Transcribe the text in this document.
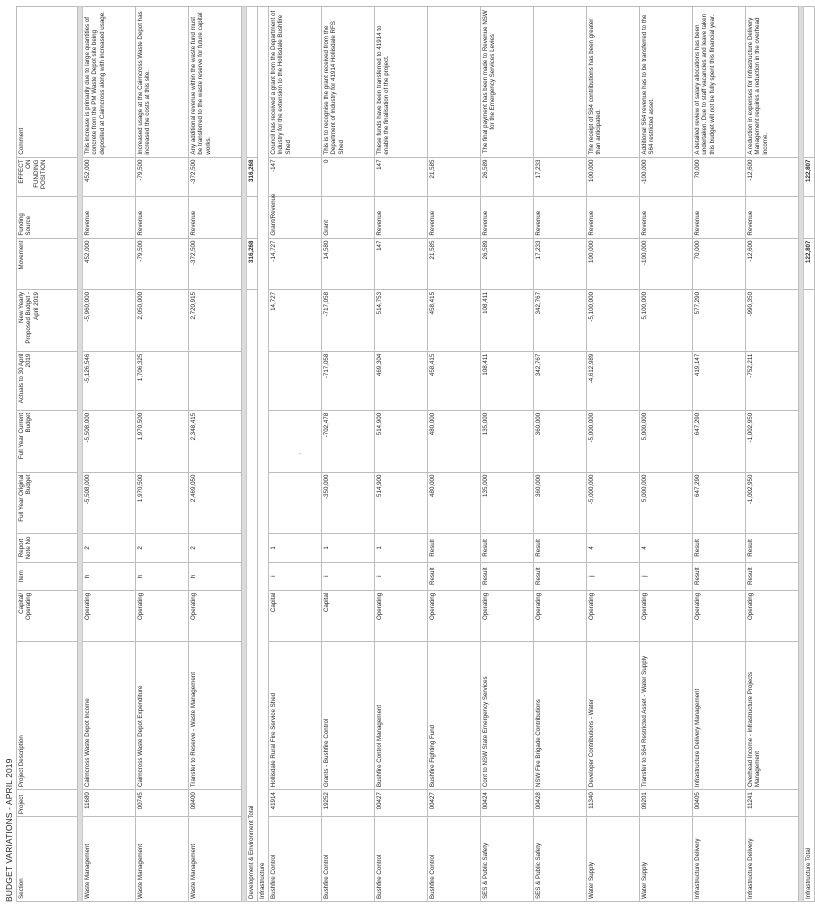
BUDGET VARIATIONS - APRIL 2019
'
Section	Project	Project Description	Capital/ Operating	Item	Report Note No	Full Year Original Budget	Full Year Current Budget	Actuals to 30 April 2019	New Yearly Proposed Budget - April 2019	Movement	Funding Source	EFFECT ON FUNDING POSITION	Comment

Waste Management	11680	Cairncross Waste Depot Income	Operating	h	2	-5,508,000	-5,508,000	-5,126,546	-5,960,000	452,000	Revenue	452,000	This increase is primarily due to large quantities of concrete from the PM Waste Depot site being deposited at Cairncross along with increased usage.
Waste Management	00745	Cairncross Waste Depot Expenditure	Operating	h	2	1,970,500	1,970,500	1,706,325	2,050,000	-79,500	Revenue	-79,500	Increased usage at the Cairncross Waste Depot has increased the costs at this site.
Waste Management	09400	Transfer to Reserve - Waste Management	Operating	h	2	2,469,050	2,348,415		2,720,915	-372,500	Revenue	-372,500	Any additional revenue within the waste fund must be transferred to the waste reserve for future capital works.

Development & Environment Total										316,268		316,268	
Infrastructure													
Bushfire Control	41914	Hollisdale Rural Fire Service Shed	Capital	i	1				14,727	-14,727	Grant/Revenue	-147	Council has received a grant from the Department of Industry for the extension to the Hollisdale Bushfire Shed
Bushfire Control	19252	Grants - Bushfire Control	Capital	i	1	-350,000	-702,478	-717,058	-717,058	14,580	Grant	0	This is to recognise the grant received from the Department of Industry for 41914 Hollisdale RFS Shed
Bushfire Control	00427	Bushfire Control Management	Operating	i	1	514,900	514,900	469,304	514,753	147	Revenue	147	These funds have been transferred to 41914 to enable the finalisation of the project.
Bushfire Control	00427	Bushfire Fighting Fund	Operating	Result	Result	480,000	480,000	458,415	458,415	21,585	Revenue	21,585	
SES & Public Safety	00424	Cont to NSW State Emergency Services	Operating	Result	Result	135,000	135,000	108,411	108,411	26,589	Revenue	26,589	The final payment has been made to Revenue NSW for the Emergency Services Levies
SES & Public Safety	00428	NSW Fire Brigade Contributions	Operating	Result	Result	360,000	360,000	342,767	342,767	17,233	Revenue	17,233	
Water Supply	11340	Developer Contributions - Water	Operating	j	4	-5,000,000	-5,000,000	-4,612,989	-5,100,000	100,000	Revenue	100,000	The receipt of S64 contributions has been greater than anticipated.
Water Supply	09201	Transfer to S64 Restricted Asset - Water Supply	Operating	j	4	5,000,000	5,000,000		5,100,000	-100,000	Revenue	-100,000	Additional S64 revenue has to be transferred to the S64 restricted asset.
Infrastructure Delivery	00405	Infrastructure Delivery Management	Operating	Result	Result	647,290	647,290	419,147	577,290	70,000	Revenue	70,000	A detailed review of salary allocations has been undertaken. Due to staff vacancies and leave taken this budget will not be fully spent this financial year.
Infrastructure Delivery	11241	Overhead Income - Infrastructure Projects Management	Operating	Result	Result	-1,002,950	-1,002,950	-752,211	-990,350	-12,600	Revenue	-12,600	A reduction in expenses for Infrastructure Delivery Management requires a reduction in the overhead income.

Infrastructure Total										122,807		122,807	
